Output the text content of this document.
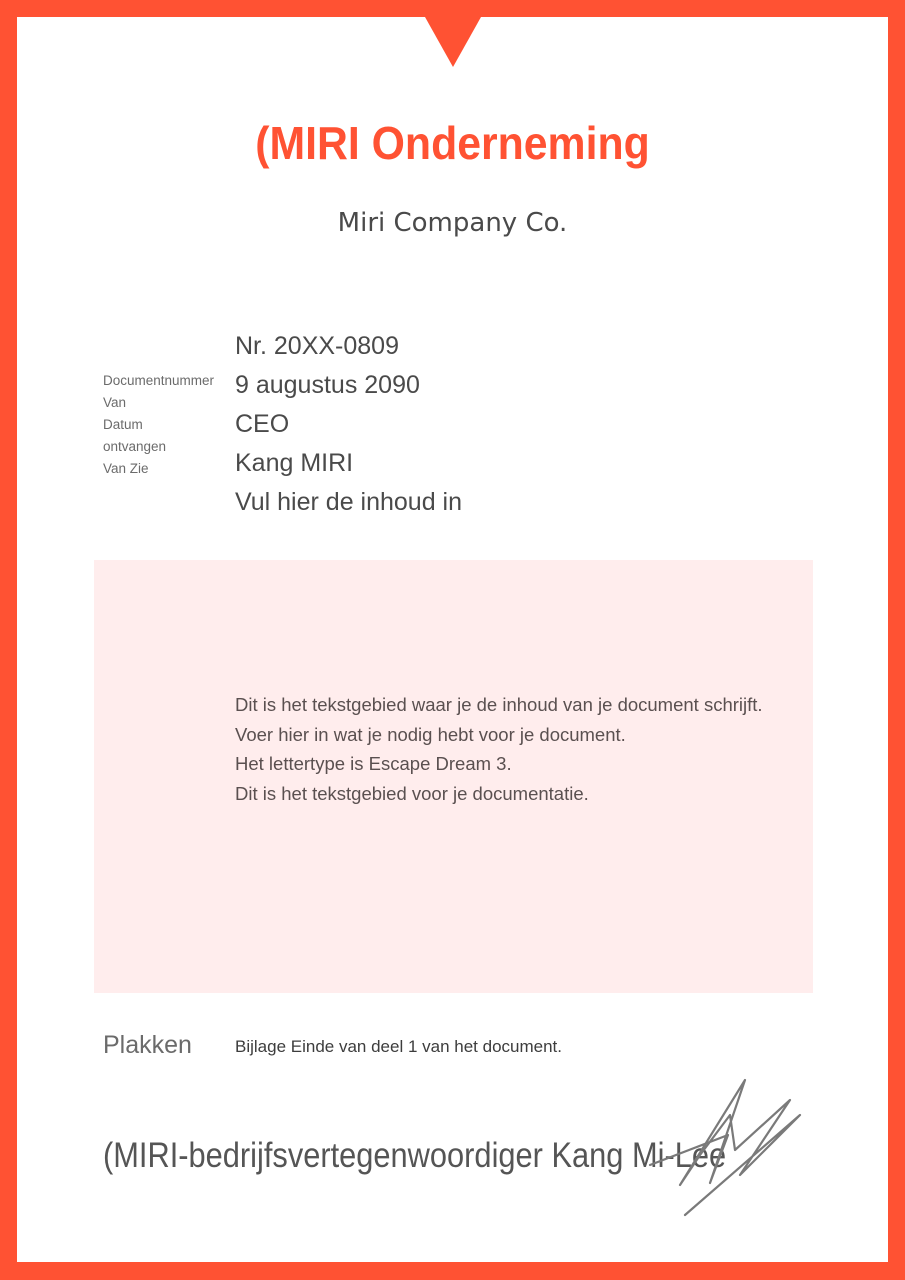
(MIRI Onderneming
Miri Company Co.
Documentnummer
Van
Datum
ontvangen
Van Zie
Nr. 20XX-0809
9 augustus 2090
CEO
Kang MIRI
Vul hier de inhoud in
Dit is het tekstgebied waar je de inhoud van je document schrijft.
Voer hier in wat je nodig hebt voor je document.
Het lettertype is Escape Dream 3.
Dit is het tekstgebied voor je documentatie.
Plakken	Bijlage Einde van deel 1 van het document.
(MIRI-bedrijfsvertegenwoordiger Kang Mi-Lee
